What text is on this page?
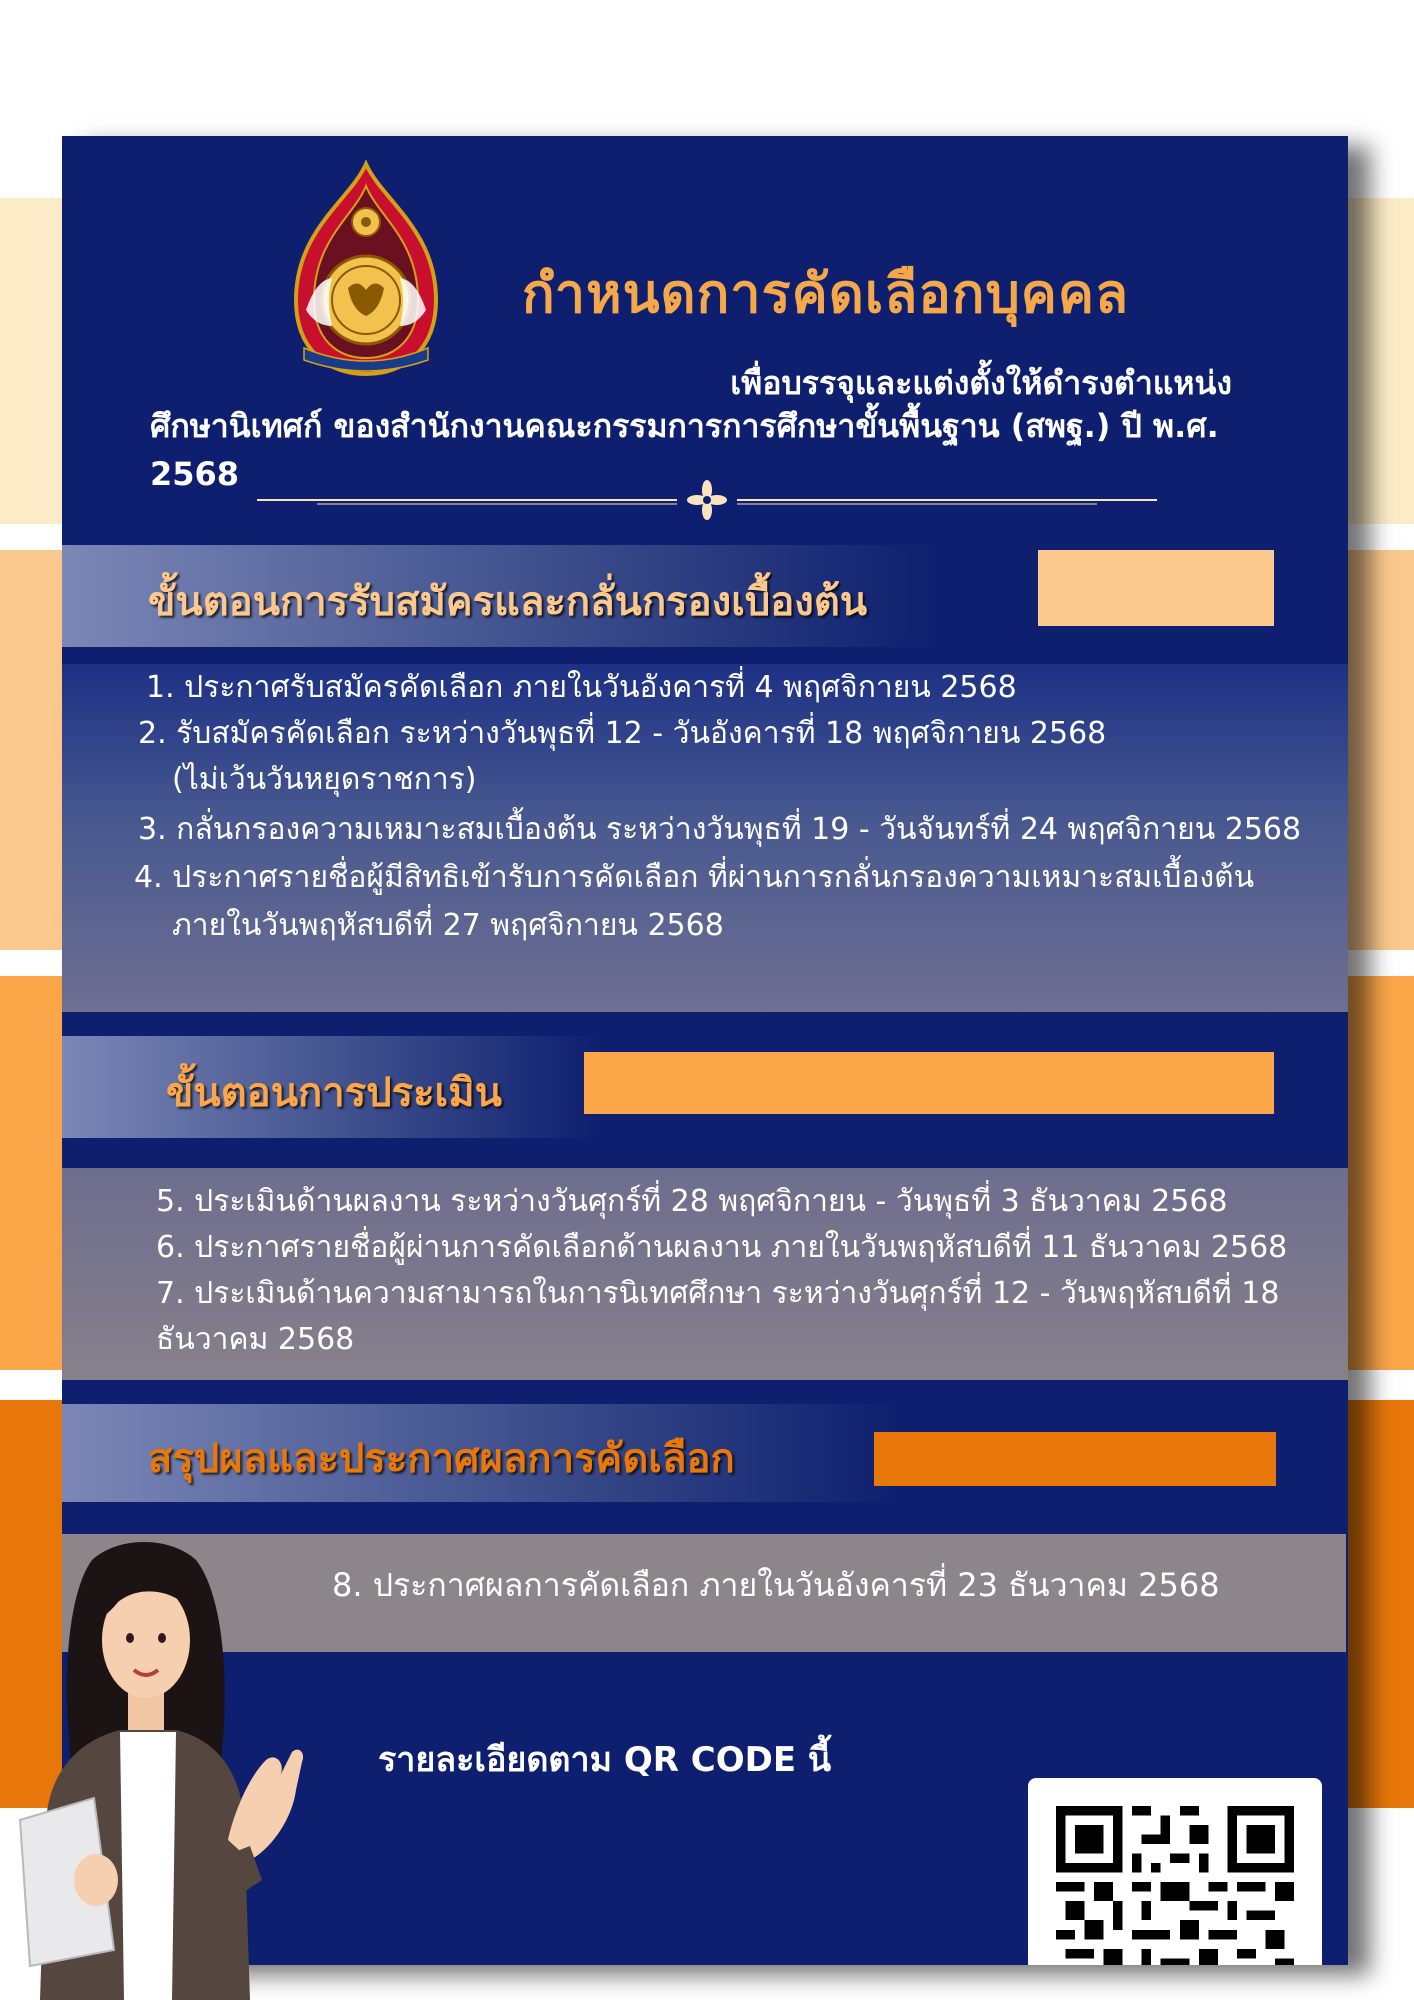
กำหนดการคัดเลือกบุคคล

เพื่อบรรจุและแต่งตั้งให้ดำรงตำแหน่ง

ศึกษานิเทศก์ ของสำนักงานคณะกรรมการการศึกษาขั้นพื้นฐาน (สพฐ.) ปี พ.ศ. 2568

ขั้นตอนการรับสมัครและกลั่นกรองเบื้องต้น

1. ประกาศรับสมัครคัดเลือก ภายในวันอังคารที่ 4 พฤศจิกายน 2568

2. รับสมัครคัดเลือก ระหว่างวันพุธที่ 12 - วันอังคารที่ 18 พฤศจิกายน 2568

(ไม่เว้นวันหยุดราชการ)

3. กลั่นกรองความเหมาะสมเบื้องต้น ระหว่างวันพุธที่ 19 - วันจันทร์ที่ 24 พฤศจิกายน 2568

4. ประกาศรายชื่อผู้มีสิทธิเข้ารับการคัดเลือก ที่ผ่านการกลั่นกรองความเหมาะสมเบื้องต้น

ภายในวันพฤหัสบดีที่ 27 พฤศจิกายน 2568

ขั้นตอนการประเมิน

5. ประเมินด้านผลงาน ระหว่างวันศุกร์ที่ 28 พฤศจิกายน - วันพุธที่ 3 ธันวาคม 2568

6. ประกาศรายชื่อผู้ผ่านการคัดเลือกด้านผลงาน ภายในวันพฤหัสบดีที่ 11 ธันวาคม 2568

7. ประเมินด้านความสามารถในการนิเทศศึกษา ระหว่างวันศุกร์ที่ 12 - วันพฤหัสบดีที่ 18

ธันวาคม 2568

สรุปผลและประกาศผลการคัดเลือก

8. ประกาศผลการคัดเลือก ภายในวันอังคารที่ 23 ธันวาคม 2568

รายละเอียดตาม QR CODE นี้
